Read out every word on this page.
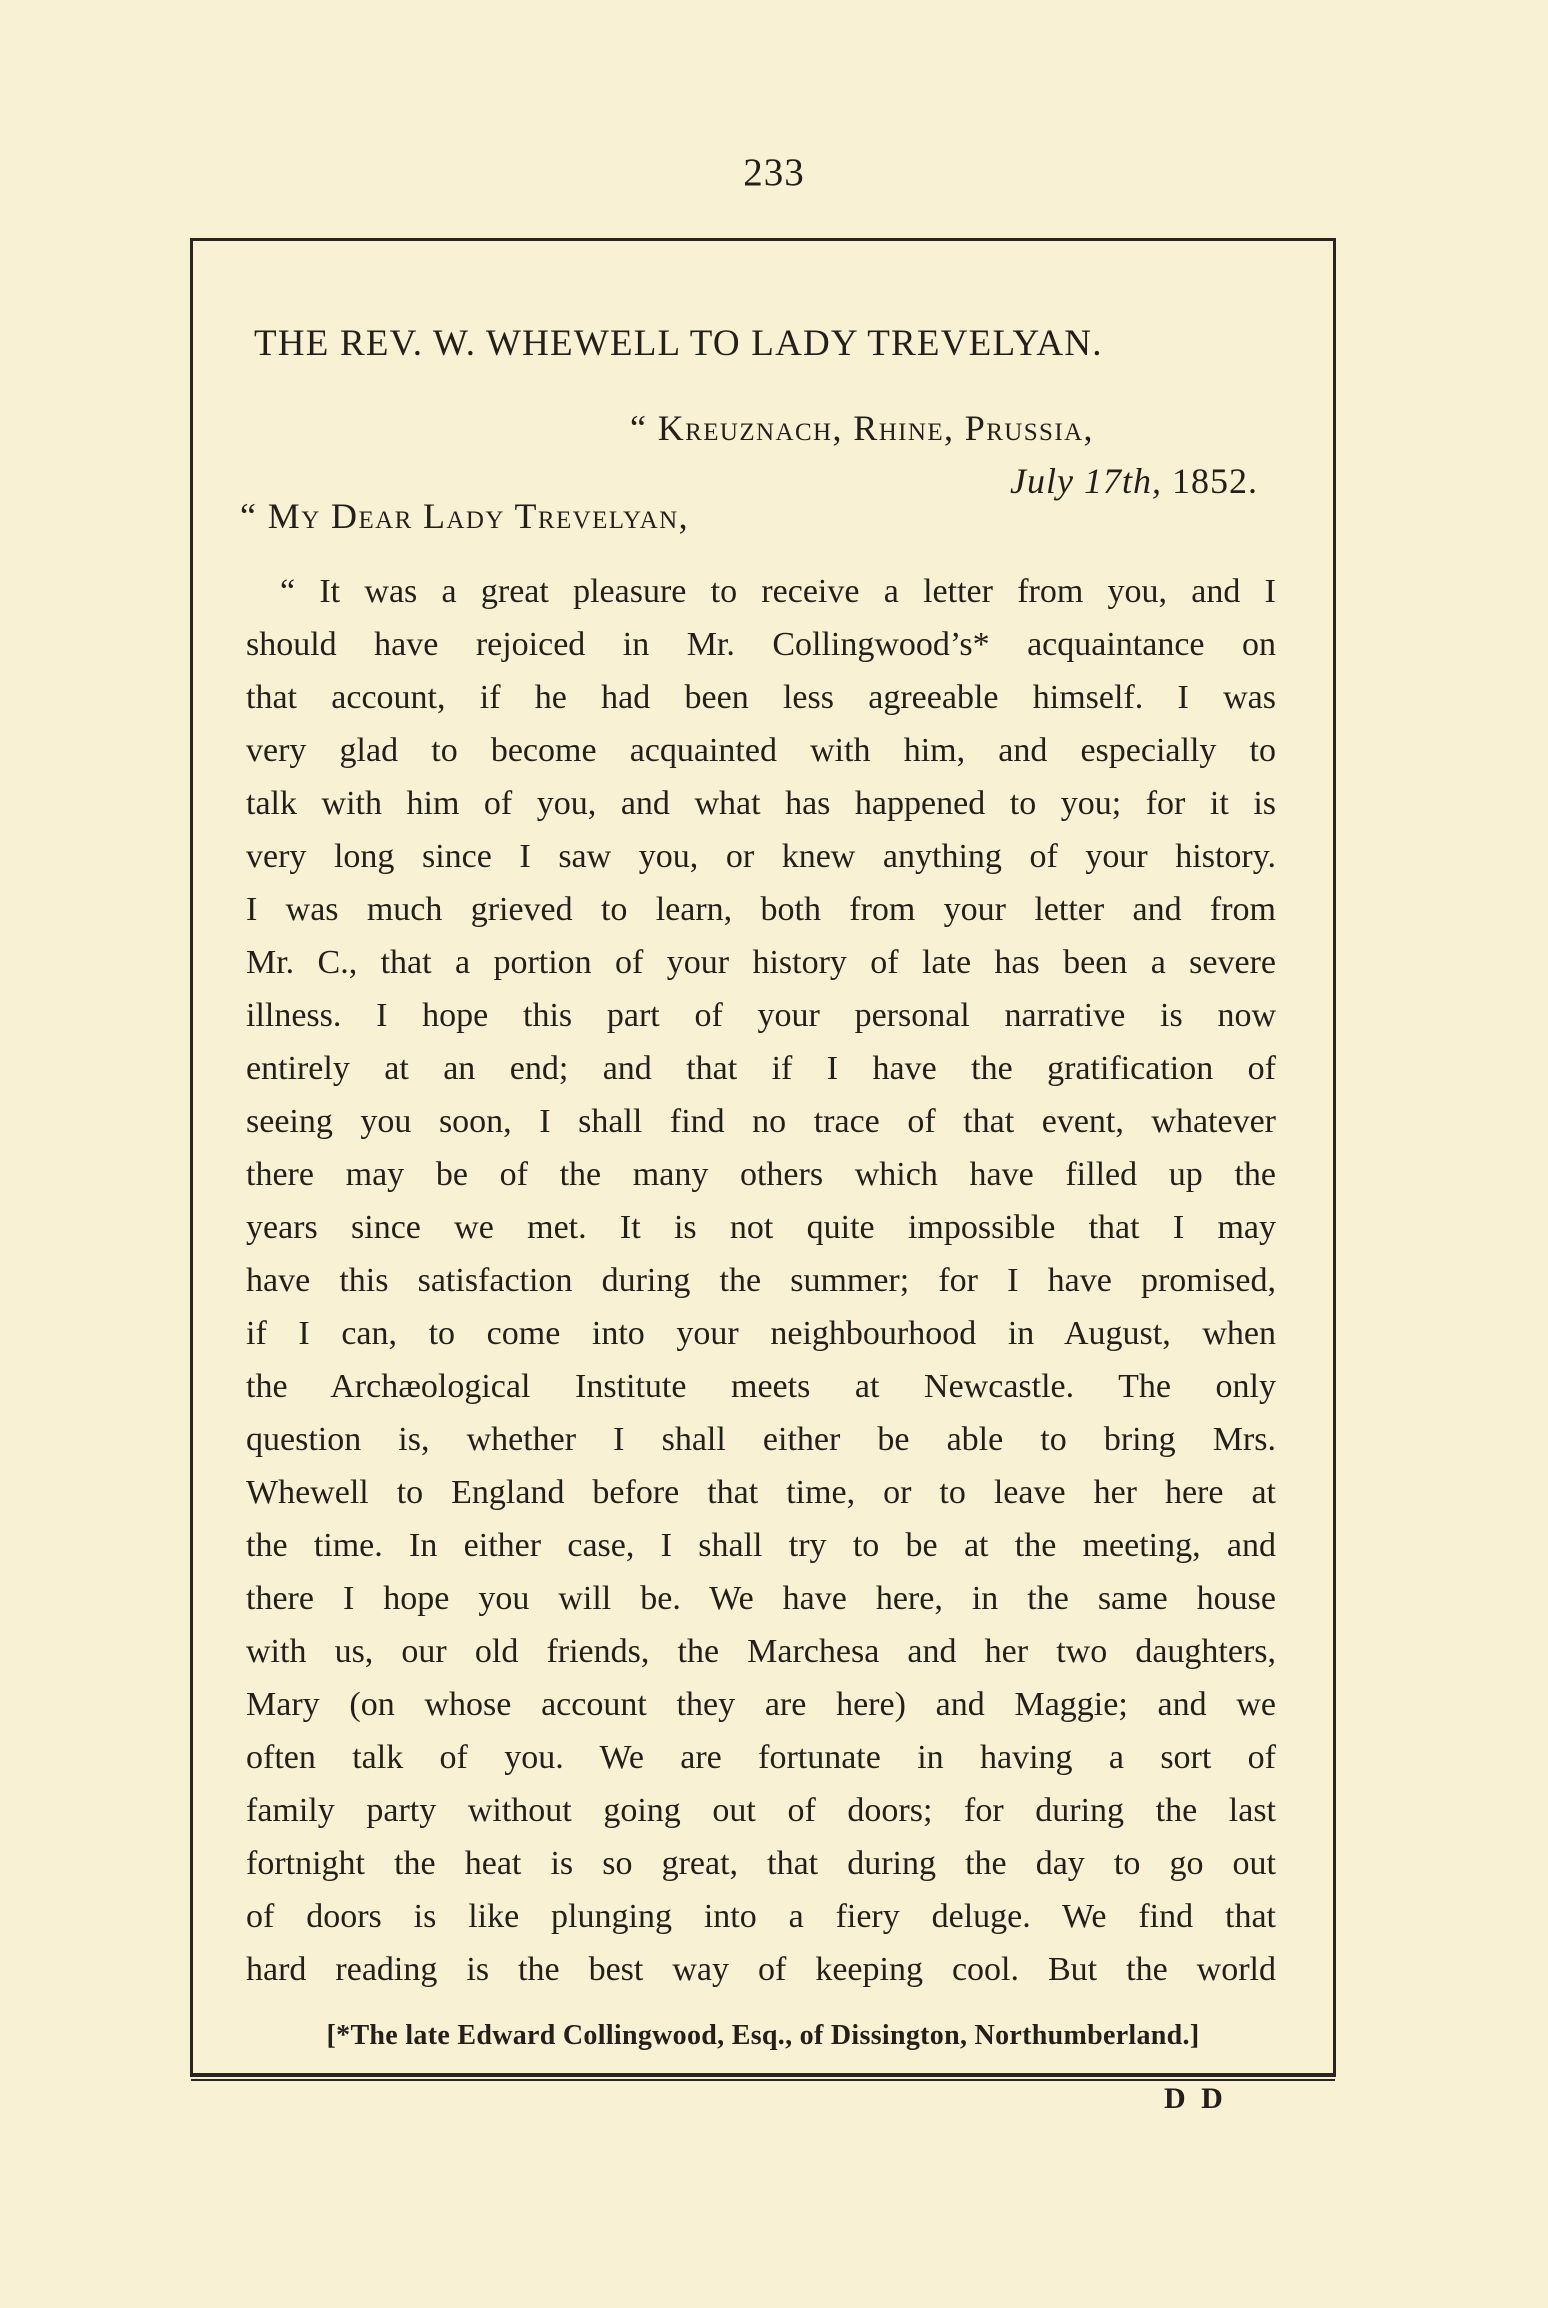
233
THE REV. W. WHEWELL TO LADY TREVELYAN.
“ Kreuznach, Rhine, Prussia,
July 17th, 1852.
“ My Dear Lady Trevelyan,
“ It was a great pleasure to receive a letter from you, and I
should have rejoiced in Mr. Collingwood’s* acquaintance on
that account, if he had been less agreeable himself. I was
very glad to become acquainted with him, and especially to
talk with him of you, and what has happened to you; for it is
very long since I saw you, or knew anything of your history.
I was much grieved to learn, both from your letter and from
Mr. C., that a portion of your history of late has been a severe
illness. I hope this part of your personal narrative is now
entirely at an end; and that if I have the gratification of
seeing you soon, I shall find no trace of that event, whatever
there may be of the many others which have filled up the
years since we met. It is not quite impossible that I may
have this satisfaction during the summer; for I have promised,
if I can, to come into your neighbourhood in August, when
the Archæological Institute meets at Newcastle. The only
question is, whether I shall either be able to bring Mrs.
Whewell to England before that time, or to leave her here at
the time. In either case, I shall try to be at the meeting, and
there I hope you will be. We have here, in the same house
with us, our old friends, the Marchesa and her two daughters,
Mary (on whose account they are here) and Maggie; and we
often talk of you. We are fortunate in having a sort of
family party without going out of doors; for during the last
fortnight the heat is so great, that during the day to go out
of doors is like plunging into a fiery deluge. We find that
hard reading is the best way of keeping cool. But the world
[*The late Edward Collingwood, Esq., of Dissington, Northumberland.]
D D
